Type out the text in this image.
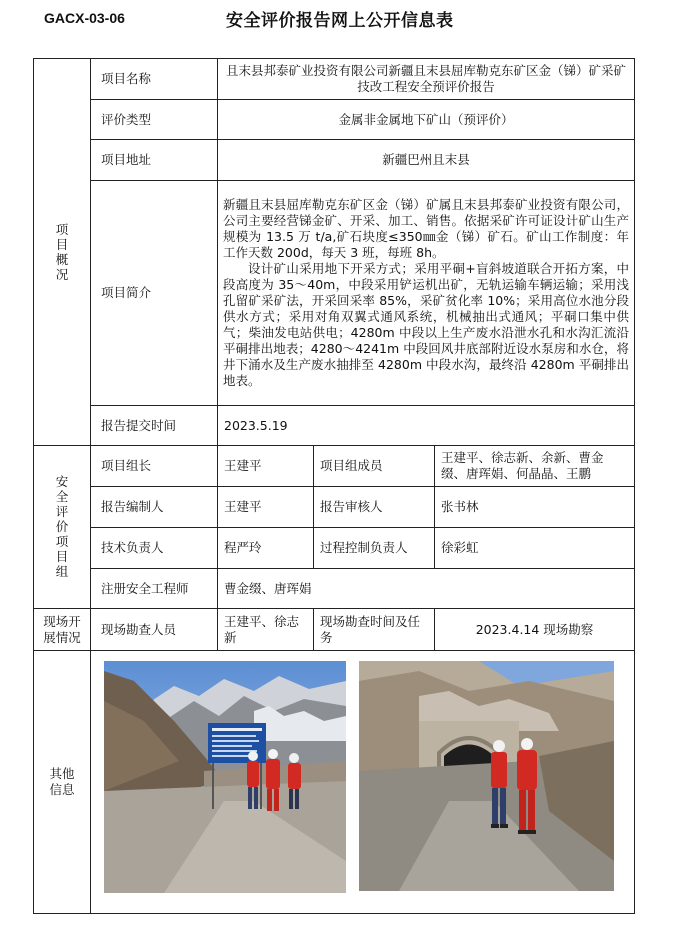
GACX-03-06	安全评价报告网上公开信息表
项目概况	项目名称	且末县邦泰矿业投资有限公司新疆且末县屈库勒克东矿区金（锑）矿采矿技改工程安全预评价报告		
	评价类型	金属非金属地下矿山（预评价）		
	项目地址	新疆巴州且末县		
	项目简介	新疆且末县屈库勒克东矿区金（锑）矿属且末县邦泰矿业投资有限公司，公司主要经营锑金矿、开采、加工、销售。依据采矿许可证设计矿山生产规模为 13.5 万 t/a,矿石块度≤350㎜金（锑）矿石。矿山工作制度：年工作天数 200d，每天 3 班，每班 8h。

设计矿山采用地下开采方式；采用平硐+盲斜坡道联合开拓方案，中段高度为 35～40m，中段采用铲运机出矿，无轨运输车辆运输；采用浅孔留矿采矿法，开采回采率 85%，采矿贫化率 10%；采用高位水池分段供水方式；采用对角双翼式通风系统，机械抽出式通风；平硐口集中供气；柴油发电站供电；4280m 中段以上生产废水沿泄水孔和水沟汇流沿平硐排出地表；4280～4241m 中段回风井底部附近设水泵房和水仓，将井下涌水及生产废水抽排至 4280m 中段水沟，最终沿 4280m 平硐排出地表。		

	报告提交时间	2023.5.19		
安全评价项目组	项目组长	王建平	项目组成员	王建平、徐志新、余新、曹金缀、唐珲娟、何晶晶、王鹏
	报告编制人	王建平	报告审核人	张书林
	技术负责人	程严玲	过程控制负责人	徐彩虹
	注册安全工程师	曹金缀、唐珲娟		
现场开展情况	现场勘查人员	王建平、徐志新	现场勘查时间及任务	2023.4.14 现场勘察
其他信息	
